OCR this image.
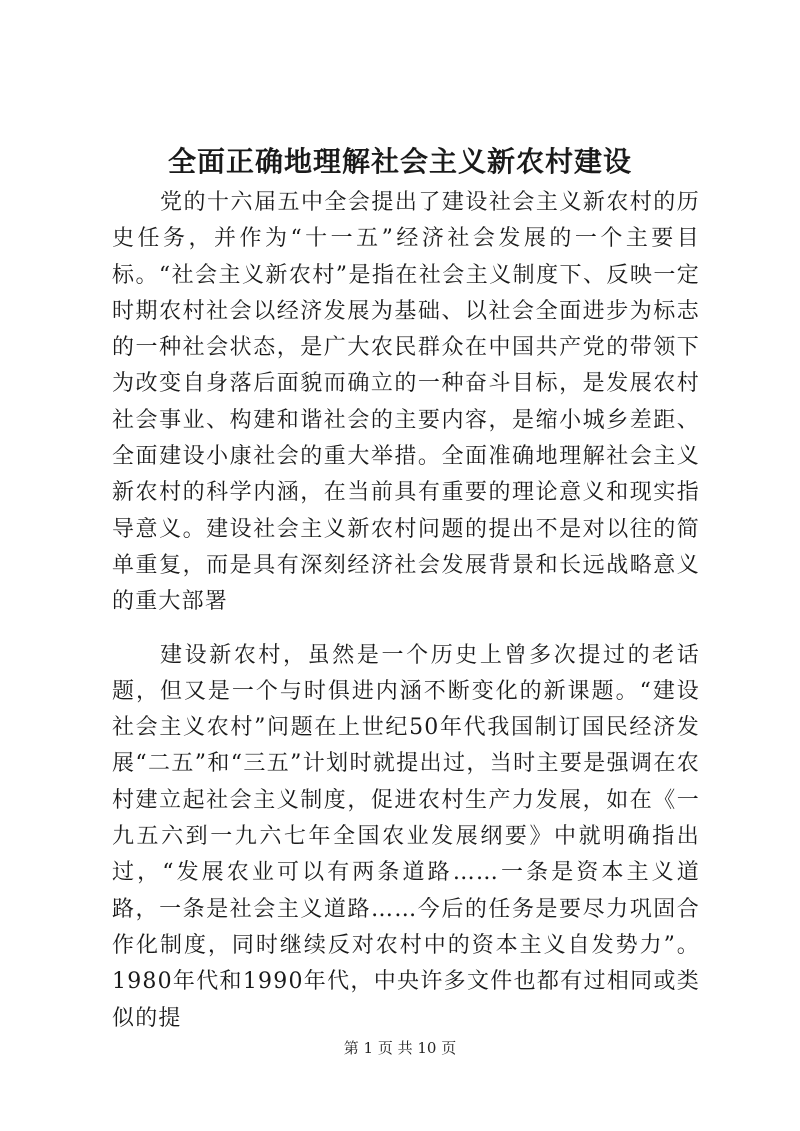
全面正确地理解社会主义新农村建设

党的十六届五中全会提出了建设社会主义新农村的历史任务，并作为“十一五”经济社会发展的一个主要目标。“社会主义新农村”是指在社会主义制度下、反映一定时期农村社会以经济发展为基础、以社会全面进步为标志的一种社会状态，是广大农民群众在中国共产党的带领下为改变自身落后面貌而确立的一种奋斗目标，是发展农村社会事业、构建和谐社会的主要内容，是缩小城乡差距、全面建设小康社会的重大举措。全面准确地理解社会主义新农村的科学内涵，在当前具有重要的理论意义和现实指导意义。建设社会主义新农村问题的提出不是对以往的简单重复，而是具有深刻经济社会发展背景和长远战略意义的重大部署

建设新农村，虽然是一个历史上曾多次提过的老话题，但又是一个与时俱进内涵不断变化的新课题。“建设社会主义农村”问题在上世纪50年代我国制订国民经济发展“二五”和“三五”计划时就提出过，当时主要是强调在农村建立起社会主义制度，促进农村生产力发展，如在《一九五六到一九六七年全国农业发展纲要》中就明确指出过，“发展农业可以有两条道路……一条是资本主义道路，一条是社会主义道路……今后的任务是要尽力巩固合作化制度，同时继续反对农村中的资本主义自发势力”。1980年代和1990年代，中央许多文件也都有过相同或类似的提

第 1 页 共 10 页
